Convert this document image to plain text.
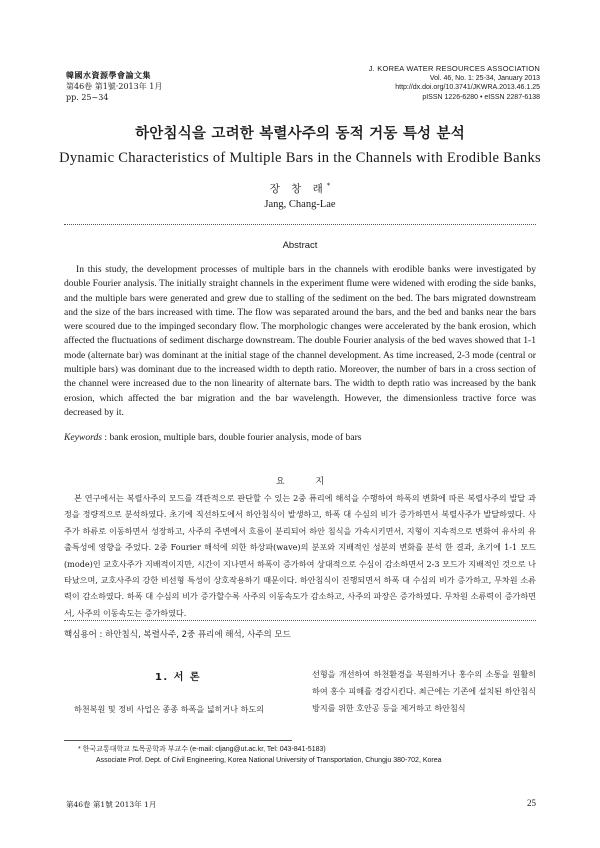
韓國水資源學會論文集
第46卷 第1號·2013年 1月
pp. 25~34
J. KOREA WATER RESOURCES ASSOCIATION
Vol. 46, No. 1: 25-34, January 2013
http://dx.doi.org/10.3741/JKWRA.2013.46.1.25
pISSN 1226-6280 • eISSN 2287-6138
하안침식을 고려한 복렬사주의 동적 거동 특성 분석
Dynamic Characteristics of Multiple Bars in the Channels with Erodible Banks
장 창 래*
Jang, Chang-Lae
Abstract
In this study, the development processes of multiple bars in the channels with erodible banks were investigated by double Fourier analysis. The initially straight channels in the experiment flume were widened with eroding the side banks, and the multiple bars were generated and grew due to stalling of the sediment on the bed. The bars migrated downstream and the size of the bars increased with time. The flow was separated around the bars, and the bed and banks near the bars were scoured due to the impinged secondary flow. The morphologic changes were accelerated by the bank erosion, which affected the fluctuations of sediment discharge downstream. The double Fourier analysis of the bed waves showed that 1-1 mode (alternate bar) was dominant at the initial stage of the channel development. As time increased, 2-3 mode (central or multiple bars) was dominant due to the increased width to depth ratio. Moreover, the number of bars in a cross section of the channel were increased due to the non linearity of alternate bars. The width to depth ratio was increased by the bank erosion, which affected the bar migration and the bar wavelength. However, the dimensionless tractive force was decreased by it.
Keywords : bank erosion, multiple bars, double fourier analysis, mode of bars
요 지
본 연구에서는 복렬사주의 모드를 객관적으로 판단할 수 있는 2중 퓨리에 해석을 수행하여 하폭의 변화에 따른 복렬사주의 발달 과정을 정량적으로 분석하였다. 초기에 직선하도에서 하안침식이 발생하고, 하폭 대 수심의 비가 증가하면서 복렬사주가 발달하였다. 사주가 하류로 이동하면서 성장하고, 사주의 주변에서 흐름이 분리되어 하안 침식을 가속시키면서, 지형이 지속적으로 변화여 유사의 유출특성에 영향을 주었다. 2중 Fourier 해석에 의한 하상파(wave)의 분포와 지배적인 성분의 변화를 분석 한 결과, 초기에 1-1 모드(mode)인 교호사주가 지배적이지만, 시간이 지나면서 하폭이 증가하여 상대적으로 수심이 감소하면서 2-3 모드가 지배적인 것으로 나타났으며, 교호사주의 강한 비선형 특성이 상호작용하기 때문이다. 하안침식이 진행되면서 하폭 대 수심의 비가 증가하고, 무차원 소류력이 감소하였다. 하폭 대 수심의 비가 증가할수록 사주의 이동속도가 감소하고, 사주의 파장은 증가하였다. 무차원 소류력이 증가하면서, 사주의 이동속도는 증가하였다.
핵심용어 : 하안침식, 복렬사주, 2중 퓨리에 해석, 사주의 모드
1. 서 론
하천복원 및 정비 사업은 종종 하폭을 넓히거나 하도의
선형을 개선하여 하천환경을 복원하거나 홍수의 소통을 원활히 하여 홍수 피해를 경감시킨다. 최근에는 기존에 설치된 하안침식 방지를 위한 호안공 등을 제거하고 하안침식
* 한국교통대학교 토목공학과 부교수 (e-mail: cljang@ut.ac.kr, Tel: 043-841-5183)
Associate Prof. Dept. of Civil Engineering, Korea National University of Transportation, Chungju 380-702, Korea
第46卷 第1號 2013年 1月	25
